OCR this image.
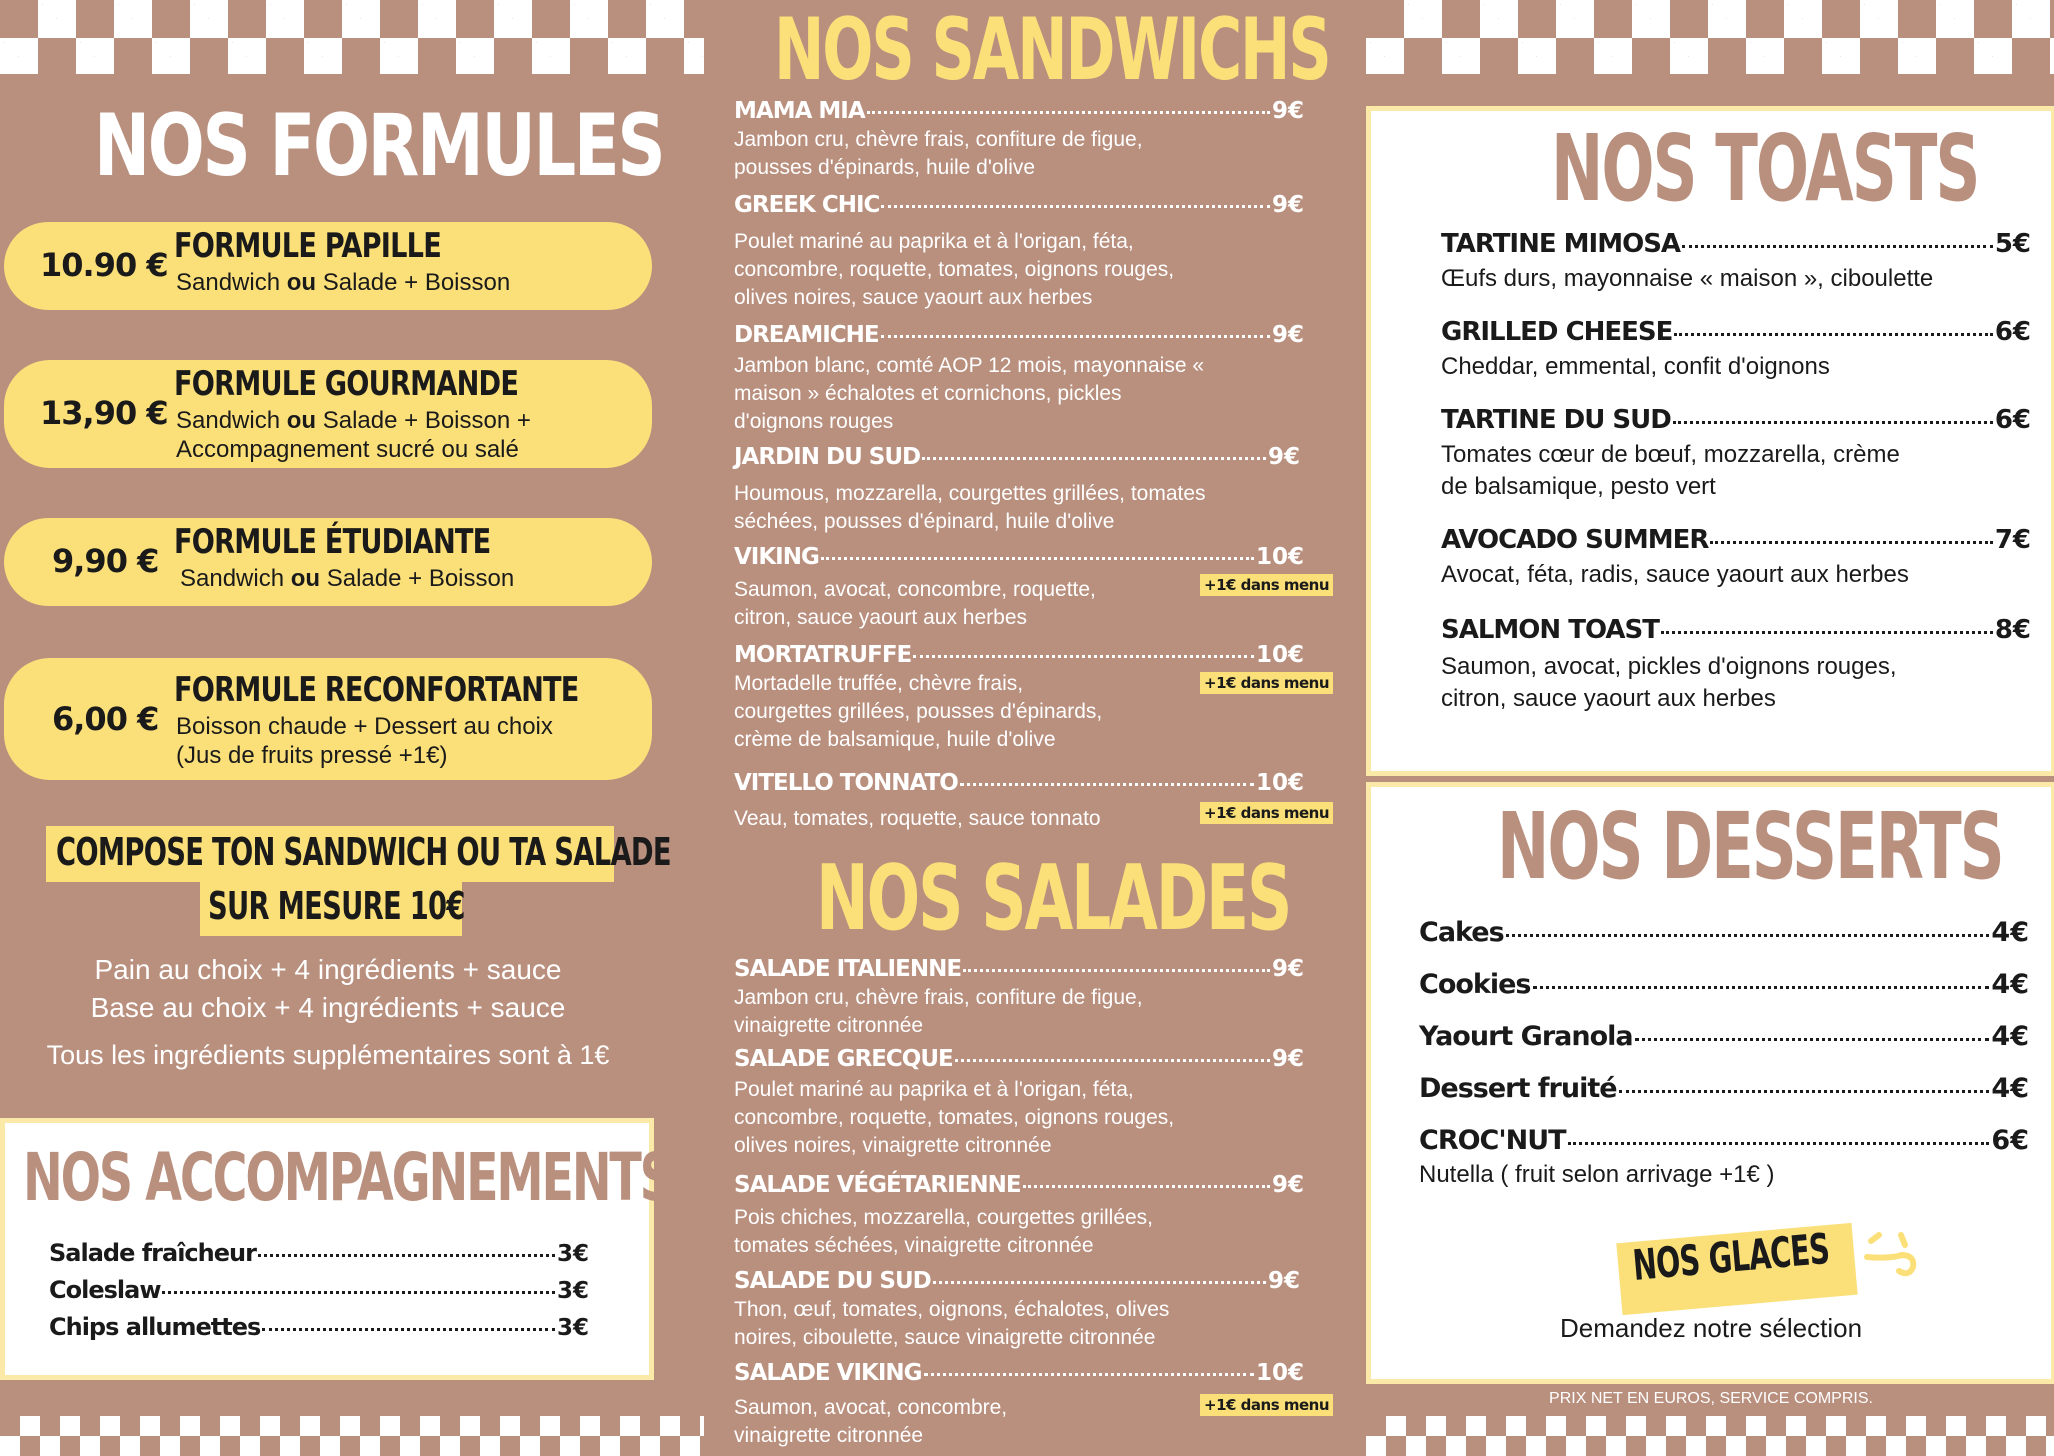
NOS FORMULES
10.90 € FORMULE PAPILLE
Sandwich ou Salade + Boisson
13,90 €
FORMULE GOURMANDE
Sandwich ou Salade + Boisson +
Accompagnement sucré ou salé
9,90 € FORMULE ÉTUDIANTE
Sandwich ou Salade + Boisson
6,00 €
FORMULE RECONFORTANTE
Boisson chaude + Dessert au choix
(Jus de fruits pressé +1€)
COMPOSE TON SANDWICH OU TA SALADE
SUR MESURE 10€
Pain au choix + 4 ingrédients + sauce
Base au choix + 4 ingrédients + sauce
Tous les ingrédients supplémentaires sont à 1€
NOS ACCOMPAGNEMENTS
Salade fraîcheur	3€
Coleslaw	3€
Chips allumettes	3€
NOS SANDWICHS
MAMA MIA	9€
Jambon cru, chèvre frais, confiture de figue,
pousses d'épinards, huile d'olive
GREEK CHIC	9€
Poulet mariné au paprika et à l'origan, féta,
concombre, roquette, tomates, oignons rouges,
olives noires, sauce yaourt aux herbes
DREAMICHE	9€
Jambon blanc, comté AOP 12 mois, mayonnaise «
maison » échalotes et cornichons, pickles
d'oignons rouges
JARDIN DU SUD	9€
Houmous, mozzarella, courgettes grillées, tomates
séchées, pousses d'épinard, huile d'olive
VIKING	10€
Saumon, avocat, concombre, roquette,
citron, sauce yaourt aux herbes
+1€ dans menu
MORTATRUFFE	10€
Mortadelle truffée, chèvre frais,
courgettes grillées, pousses d'épinards,
crème de balsamique, huile d'olive
+1€ dans menu
VITELLO TONNATO	10€
Veau, tomates, roquette, sauce tonnato	+1€ dans menu
NOS SALADES
SALADE ITALIENNE	9€
Jambon cru, chèvre frais, confiture de figue,
vinaigrette citronnée
SALADE GRECQUE	9€
Poulet mariné au paprika et à l'origan, féta,
concombre, roquette, tomates, oignons rouges,
olives noires, vinaigrette citronnée
SALADE VÉGÉTARIENNE	9€
Pois chiches, mozzarella, courgettes grillées,
tomates séchées, vinaigrette citronnée
SALADE DU SUD	9€
Thon, œuf, tomates, oignons, échalotes, olives
noires, ciboulette, sauce vinaigrette citronnée
SALADE VIKING	10€
Saumon, avocat, concombre,
vinaigrette citronnée
+1€ dans menu
NOS TOASTS
TARTINE MIMOSA	5€
Œufs durs, mayonnaise « maison », ciboulette
GRILLED CHEESE	6€
Cheddar, emmental, confit d'oignons
TARTINE DU SUD	6€
Tomates cœur de bœuf, mozzarella, crème
de balsamique, pesto vert
AVOCADO SUMMER	7€
Avocat, féta, radis, sauce yaourt aux herbes
SALMON TOAST	8€
Saumon, avocat, pickles d'oignons rouges,
citron, sauce yaourt aux herbes
NOS DESSERTS
Cakes	4€
Cookies	4€
Yaourt Granola	4€
Dessert fruité	4€
CROC'NUT	6€
Nutella ( fruit selon arrivage +1€ )
NOS GLACES
Demandez notre sélection
PRIX NET EN EUROS, SERVICE COMPRIS.
